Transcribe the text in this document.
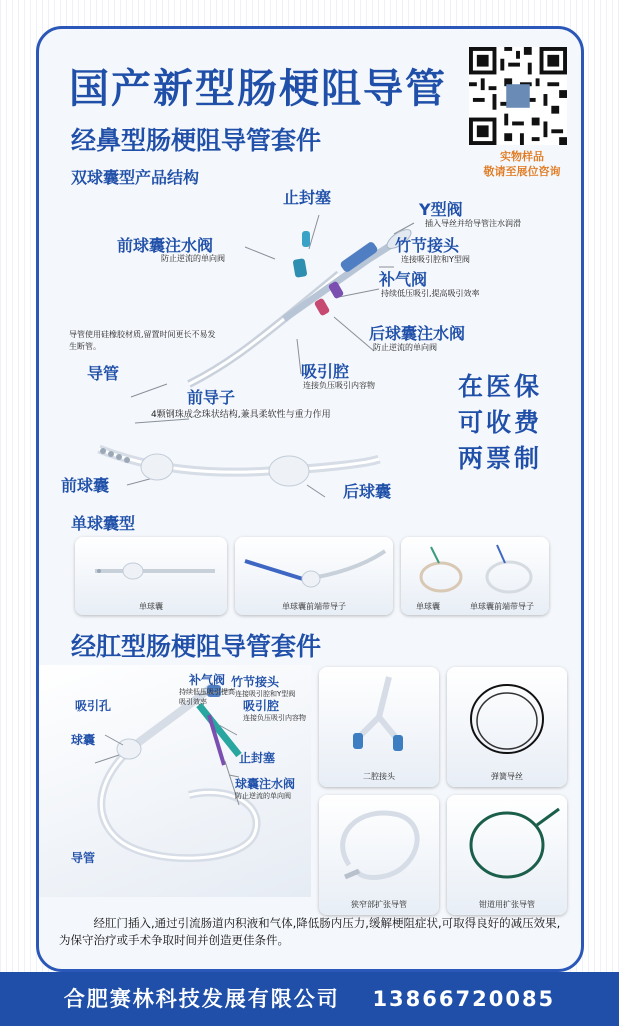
国产新型肠梗阻导管
实物样品
敬请至展位咨询
经鼻型肠梗阻导管套件
双球囊型产品结构
止封塞
Y型阀
插入导丝并给导管注水润滑
前球囊注水阀
防止逆流的单向阀
竹节接头
连接吸引腔和Y型阀
补气阀
持续低压吸引,提高吸引效率
后球囊注水阀
防止逆流的单向阀
导管使用硅橡胶材质,留置时间更长不易发生断管。
导管	吸引腔
连接负压吸引内容物
前导子
4颗钢珠成念珠状结构,兼具柔软性与重力作用
前球囊	后球囊
在医保
可收费
两票制
单球囊型
单球囊	单球囊前端带导子	单球囊	单球囊前端带导子
经肛型肠梗阻导管套件
补气阀
持续低压吸引提高吸引效率
竹节接头
连接吸引腔和Y型阀
吸引孔	吸引腔
连接负压吸引内容物
球囊
止封塞
球囊注水阀
防止逆流的单向阀
导管
二腔接头	弹簧导丝
狭窄部扩张导管	钳道用扩张导管
经肛门插入,通过引流肠道内积液和气体,降低肠内压力,缓解梗阻症状,可取得良好的减压效果,为保守治疗或手术争取时间并创造更佳条件。
合肥赛林科技发展有限公司 13866720085
